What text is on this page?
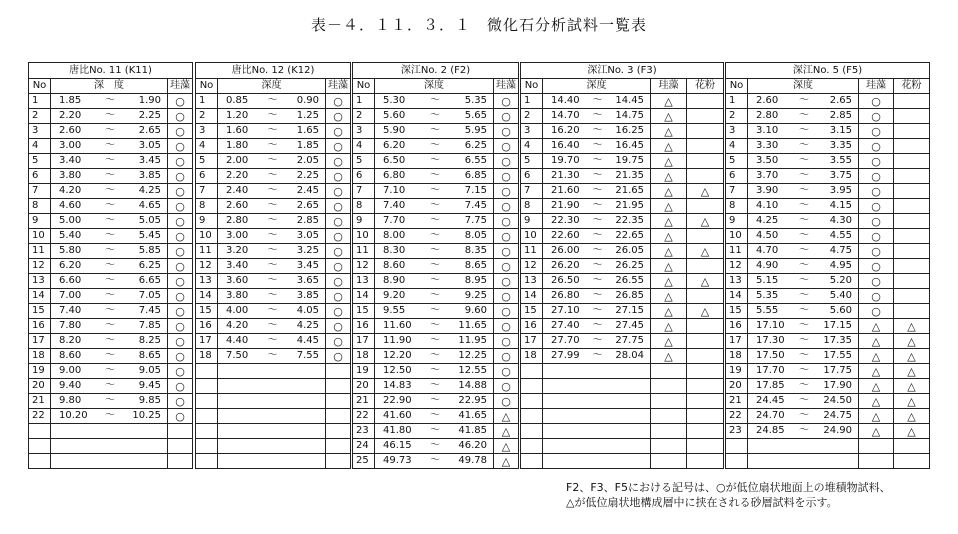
表－４．１１．３．１　微化石分析試料一覧表
唐比No. 11 (K11)		
No	深　度	珪藻
1	1.85 ～ 1.90	○
2	2.20 ～ 2.25	○
3	2.60 ～ 2.65	○
4	3.00 ～ 3.05	○
5	3.40 ～ 3.45	○
6	3.80 ～ 3.85	○
7	4.20 ～ 4.25	○
8	4.60 ～ 4.65	○
9	5.00 ～ 5.05	○
10	5.40 ～ 5.45	○
11	5.80 ～ 5.85	○
12	6.20 ～ 6.25	○
13	6.60 ～ 6.65	○
14	7.00 ～ 7.05	○
15	7.40 ～ 7.45	○
16	7.80 ～ 7.85	○
17	8.20 ～ 8.25	○
18	8.60 ～ 8.65	○
19	9.00 ～ 9.05	○
20	9.40 ～ 9.45	○
21	9.80 ～ 9.85	○
22	10.20 ～ 10.25	○

唐比No. 12 (K12)		
No	深度	珪藻
1	0.85 ～ 0.90	○
2	1.20 ～ 1.25	○
3	1.60 ～ 1.65	○
4	1.80 ～ 1.85	○
5	2.00 ～ 2.05	○
6	2.20 ～ 2.25	○
7	2.40 ～ 2.45	○
8	2.60 ～ 2.65	○
9	2.80 ～ 2.85	○
10	3.00 ～ 3.05	○
11	3.20 ～ 3.25	○
12	3.40 ～ 3.45	○
13	3.60 ～ 3.65	○
14	3.80 ～ 3.85	○
15	4.00 ～ 4.05	○
16	4.20 ～ 4.25	○
17	4.40 ～ 4.45	○
18	7.50 ～ 7.55	○

深江No. 2 (F2)		
No	深度	珪藻
1	5.30 ～ 5.35	○
2	5.60 ～ 5.65	○
3	5.90 ～ 5.95	○
4	6.20 ～ 6.25	○
5	6.50 ～ 6.55	○
6	6.80 ～ 6.85	○
7	7.10 ～ 7.15	○
8	7.40 ～ 7.45	○
9	7.70 ～ 7.75	○
10	8.00 ～ 8.05	○
11	8.30 ～ 8.35	○
12	8.60 ～ 8.65	○
13	8.90 ～ 8.95	○
14	9.20 ～ 9.25	○
15	9.55 ～ 9.60	○
16	11.60 ～ 11.65	○
17	11.90 ～ 11.95	○
18	12.20 ～ 12.25	○
19	12.50 ～ 12.55	○
20	14.83 ～ 14.88	○
21	22.90 ～ 22.95	○
22	41.60 ～ 41.65	△
23	41.80 ～ 41.85	△
24	46.15 ～ 46.20	△
25	49.73 ～ 49.78	△
深江No. 3 (F3)			
No	深度	珪藻	花粉
1	14.40 ～ 14.45	△	
2	14.70 ～ 14.75	△	
3	16.20 ～ 16.25	△	
4	16.40 ～ 16.45	△	
5	19.70 ～ 19.75	△	
6	21.30 ～ 21.35	△	
7	21.60 ～ 21.65	△	△
8	21.90 ～ 21.95	△	
9	22.30 ～ 22.35	△	△
10	22.60 ～ 22.65	△	
11	26.00 ～ 26.05	△	△
12	26.20 ～ 26.25	△	
13	26.50 ～ 26.55	△	△
14	26.80 ～ 26.85	△	
15	27.10 ～ 27.15	△	△
16	27.40 ～ 27.45	△	
17	27.70 ～ 27.75	△	
18	27.99 ～ 28.04	△	

深江No. 5 (F5)			
No	深度	珪藻	花粉
1	2.60 ～ 2.65	○	
2	2.80 ～ 2.85	○	
3	3.10 ～ 3.15	○	
4	3.30 ～ 3.35	○	
5	3.50 ～ 3.55	○	
6	3.70 ～ 3.75	○	
7	3.90 ～ 3.95	○	
8	4.10 ～ 4.15	○	
9	4.25 ～ 4.30	○	
10	4.50 ～ 4.55	○	
11	4.70 ～ 4.75	○	
12	4.90 ～ 4.95	○	
13	5.15 ～ 5.20	○	
14	5.35 ～ 5.40	○	
15	5.55 ～ 5.60	○	
16	17.10 ～ 17.15	△	△
17	17.30 ～ 17.35	△	△
18	17.50 ～ 17.55	△	△
19	17.70 ～ 17.75	△	△
20	17.85 ～ 17.90	△	△
21	24.45 ～ 24.50	△	△
22	24.70 ～ 24.75	△	△
23	24.85 ～ 24.90	△	△

F2、F3、F5における記号は、○が低位扇状地面上の堆積物試料、
△が低位扇状地構成層中に挟在される砂層試料を示す。
